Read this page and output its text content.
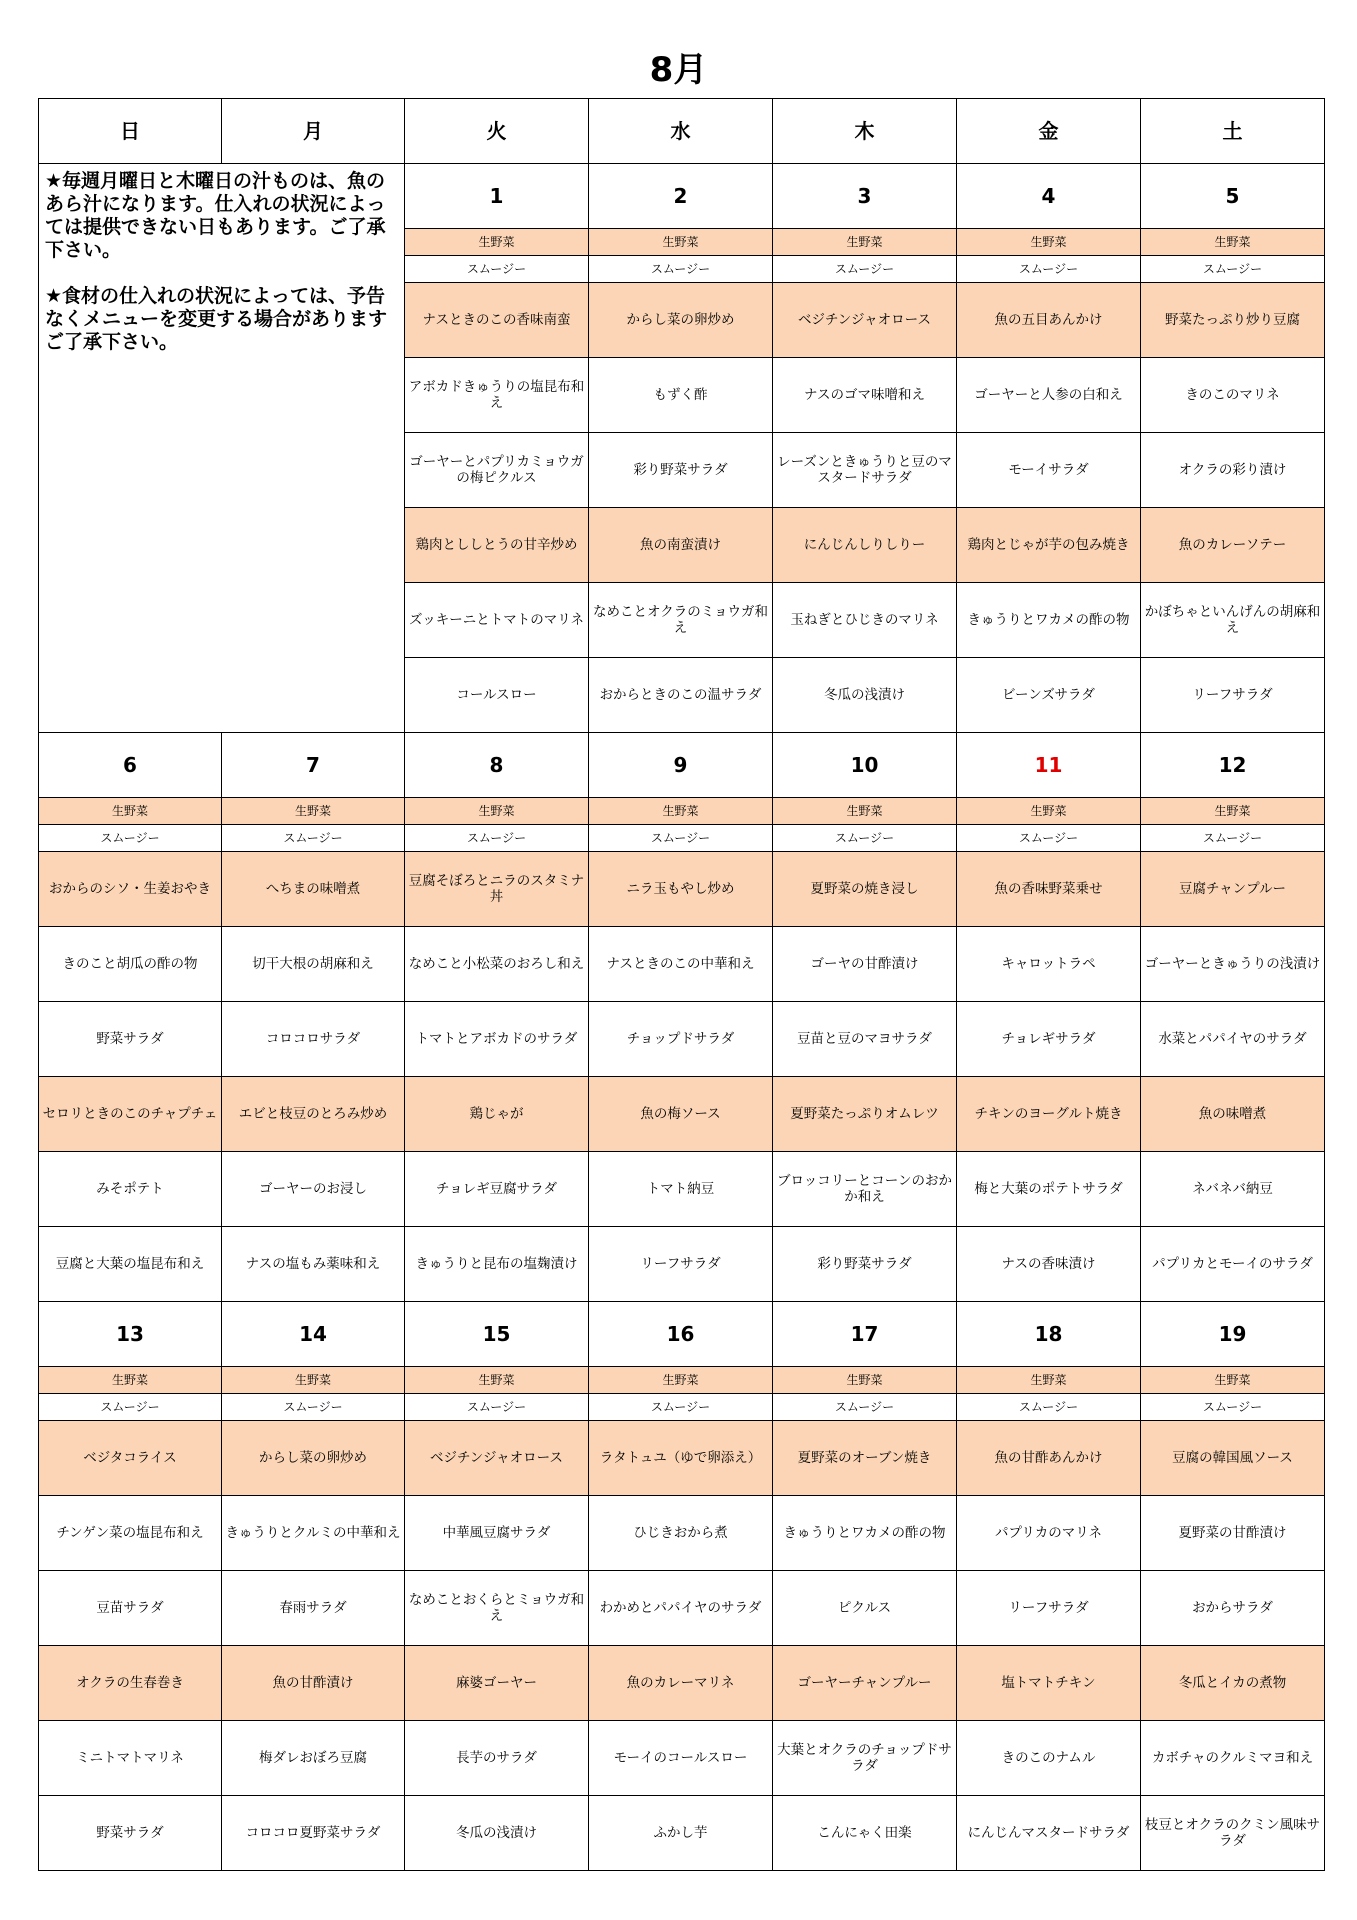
8月
日	月	火	水	木	金	土

★毎週月曜日と木曜日の汁ものは、魚のあら汁になります。仕入れの状況によっては提供できない日もあります。ご了承下さい。

★食材の仕入れの状況によっては、予告なくメニューを変更する場合がありますご了承下さい。		1	2	3	4	5
		生野菜	生野菜	生野菜	生野菜	生野菜
		スムージー	スムージー	スムージー	スムージー	スムージー
		ナスときのこの香味南蛮	からし菜の卵炒め	ベジチンジャオロース	魚の五目あんかけ	野菜たっぷり炒り豆腐
		アボカドきゅうりの塩昆布和え	もずく酢	ナスのゴマ味噌和え	ゴーヤーと人参の白和え	きのこのマリネ
		ゴーヤーとパプリカミョウガの梅ピクルス	彩り野菜サラダ	レーズンときゅうりと豆のマスタードサラダ	モーイサラダ	オクラの彩り漬け
		鶏肉とししとうの甘辛炒め	魚の南蛮漬け	にんじんしりしりー	鶏肉とじゃが芋の包み焼き	魚のカレーソテー
		ズッキーニとトマトのマリネ	なめことオクラのミョウガ和え	玉ねぎとひじきのマリネ	きゅうりとワカメの酢の物	かぼちゃといんげんの胡麻和え
		コールスロー	おからときのこの温サラダ	冬瓜の浅漬け	ビーンズサラダ	リーフサラダ
6	7	8	9	10	11	12
生野菜	生野菜	生野菜	生野菜	生野菜	生野菜	生野菜
スムージー	スムージー	スムージー	スムージー	スムージー	スムージー	スムージー
おからのシソ・生姜おやき	へちまの味噌煮	豆腐そぼろとニラのスタミナ丼	ニラ玉もやし炒め	夏野菜の焼き浸し	魚の香味野菜乗せ	豆腐チャンプルー
きのこと胡瓜の酢の物	切干大根の胡麻和え	なめこと小松菜のおろし和え	ナスときのこの中華和え	ゴーヤの甘酢漬け	キャロットラペ	ゴーヤーときゅうりの浅漬け
野菜サラダ	コロコロサラダ	トマトとアボカドのサラダ	チョップドサラダ	豆苗と豆のマヨサラダ	チョレギサラダ	水菜とパパイヤのサラダ
セロリときのこのチャプチェ	エビと枝豆のとろみ炒め	鶏じゃが	魚の梅ソース	夏野菜たっぷりオムレツ	チキンのヨーグルト焼き	魚の味噌煮
みそポテト	ゴーヤーのお浸し	チョレギ豆腐サラダ	トマト納豆	ブロッコリーとコーンのおかか和え	梅と大葉のポテトサラダ	ネバネバ納豆
豆腐と大葉の塩昆布和え	ナスの塩もみ薬味和え	きゅうりと昆布の塩麹漬け	リーフサラダ	彩り野菜サラダ	ナスの香味漬け	パプリカとモーイのサラダ
13	14	15	16	17	18	19
生野菜	生野菜	生野菜	生野菜	生野菜	生野菜	生野菜
スムージー	スムージー	スムージー	スムージー	スムージー	スムージー	スムージー
ベジタコライス	からし菜の卵炒め	ベジチンジャオロース	ラタトュユ（ゆで卵添え）	夏野菜のオーブン焼き	魚の甘酢あんかけ	豆腐の韓国風ソース
チンゲン菜の塩昆布和え	きゅうりとクルミの中華和え	中華風豆腐サラダ	ひじきおから煮	きゅうりとワカメの酢の物	パプリカのマリネ	夏野菜の甘酢漬け
豆苗サラダ	春雨サラダ	なめことおくらとミョウガ和え	わかめとパパイヤのサラダ	ピクルス	リーフサラダ	おからサラダ
オクラの生春巻き	魚の甘酢漬け	麻婆ゴーヤー	魚のカレーマリネ	ゴーヤーチャンプルー	塩トマトチキン	冬瓜とイカの煮物
ミニトマトマリネ	梅ダレおぼろ豆腐	長芋のサラダ	モーイのコールスロー	大葉とオクラのチョップドサラダ	きのこのナムル	カボチャのクルミマヨ和え
野菜サラダ	コロコロ夏野菜サラダ	冬瓜の浅漬け	ふかし芋	こんにゃく田楽	にんじんマスタードサラダ	枝豆とオクラのクミン風味サラダ
